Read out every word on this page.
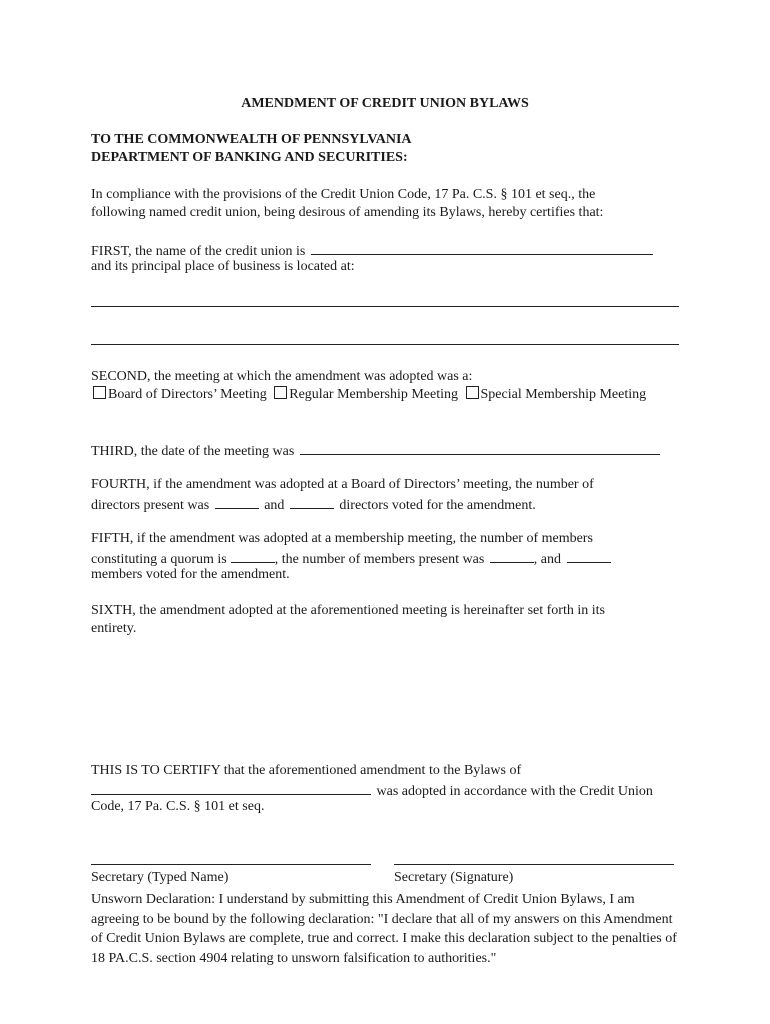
AMENDMENT OF CREDIT UNION BYLAWS
TO THE COMMONWEALTH OF PENNSYLVANIA
DEPARTMENT OF BANKING AND SECURITIES:
In compliance with the provisions of the Credit Union Code, 17 Pa. C.S. § 101 et seq., the
following named credit union, being desirous of amending its Bylaws, hereby certifies that:
FIRST, the name of the credit union is
and its principal place of business is located at:
SECOND, the meeting at which the amendment was adopted was a:
Board of Directors’ Meeting Regular Membership Meeting Special Membership Meeting
THIRD, the date of the meeting was
FOURTH, if the amendment was adopted at a Board of Directors’ meeting, the number of
directors present was	and	directors voted for the amendment.
FIFTH, if the amendment was adopted at a membership meeting, the number of members
constituting a quorum is	, the number of members present was	, and
members voted for the amendment.
SIXTH, the amendment adopted at the aforementioned meeting is hereinafter set forth in its
entirety.
THIS IS TO CERTIFY that the aforementioned amendment to the Bylaws of
was adopted in accordance with the Credit Union
Code, 17 Pa. C.S. § 101 et seq.
Secretary (Typed Name)	Secretary (Signature)
Unsworn Declaration: I understand by submitting this Amendment of Credit Union Bylaws, I am agreeing to be bound by the following declaration: "I declare that all of my answers on this Amendment of Credit Union Bylaws are complete, true and correct. I make this declaration subject to the penalties of 18 PA.C.S. section 4904 relating to unsworn falsification to authorities."
